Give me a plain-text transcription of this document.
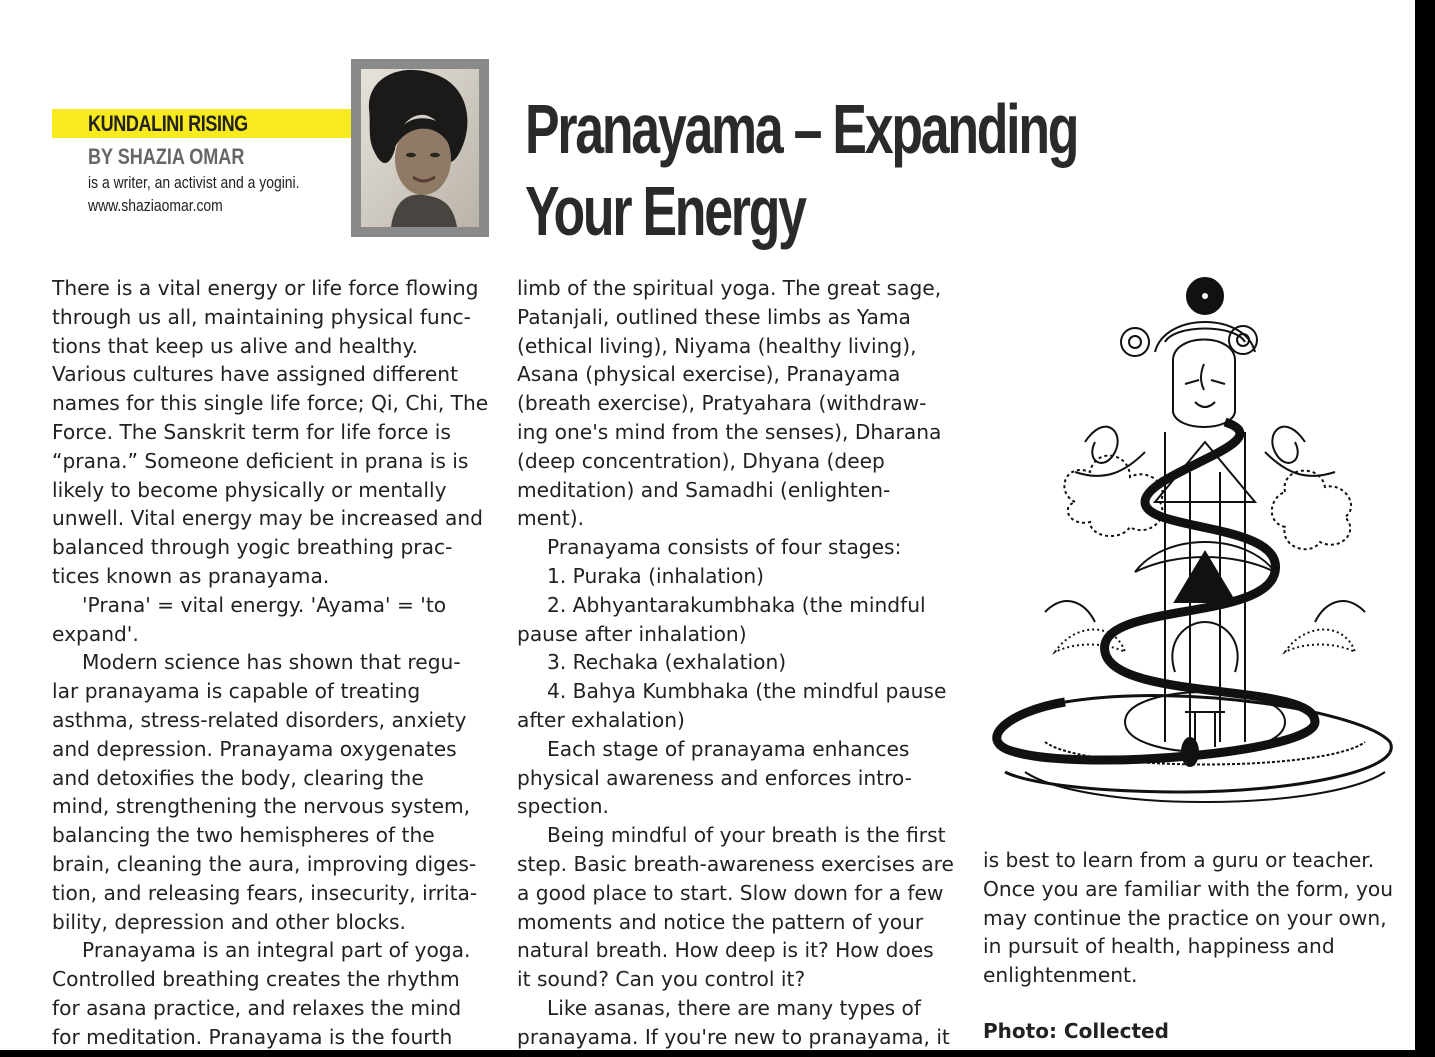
KUNDALINI RISING
BY SHAZIA OMAR
is a writer, an activist and a yogini.
www.shaziaomar.com
Pranayama – Expanding
Your Energy
There is a vital energy or life force flowing
through us all, maintaining physical func-
tions that keep us alive and healthy.
Various cultures have assigned different
names for this single life force; Qi, Chi, The
Force. The Sanskrit term for life force is
“prana.” Someone deficient in prana is is
likely to become physically or mentally
unwell. Vital energy may be increased and
balanced through yogic breathing prac-
tices known as pranayama.
'Prana' = vital energy. 'Ayama' = 'to
expand'.
Modern science has shown that regu-
lar pranayama is capable of treating
asthma, stress-related disorders, anxiety
and depression. Pranayama oxygenates
and detoxifies the body, clearing the
mind, strengthening the nervous system,
balancing the two hemispheres of the
brain, cleaning the aura, improving diges-
tion, and releasing fears, insecurity, irrita-
bility, depression and other blocks.
Pranayama is an integral part of yoga.
Controlled breathing creates the rhythm
for asana practice, and relaxes the mind
for meditation. Pranayama is the fourth
limb of the spiritual yoga. The great sage,
Patanjali, outlined these limbs as Yama
(ethical living), Niyama (healthy living),
Asana (physical exercise), Pranayama
(breath exercise), Pratyahara (withdraw-
ing one's mind from the senses), Dharana
(deep concentration), Dhyana (deep
meditation) and Samadhi (enlighten-
ment).
Pranayama consists of four stages:
1. Puraka (inhalation)
2. Abhyantarakumbhaka (the mindful
pause after inhalation)
3. Rechaka (exhalation)
4. Bahya Kumbhaka (the mindful pause
after exhalation)
Each stage of pranayama enhances
physical awareness and enforces intro-
spection.
Being mindful of your breath is the first
step. Basic breath-awareness exercises are
a good place to start. Slow down for a few
moments and notice the pattern of your
natural breath. How deep is it? How does
it sound? Can you control it?
Like asanas, there are many types of
pranayama. If you're new to pranayama, it
is best to learn from a guru or teacher.
Once you are familiar with the form, you
may continue the practice on your own,
in pursuit of health, happiness and
enlightenment.
Photo: Collected
